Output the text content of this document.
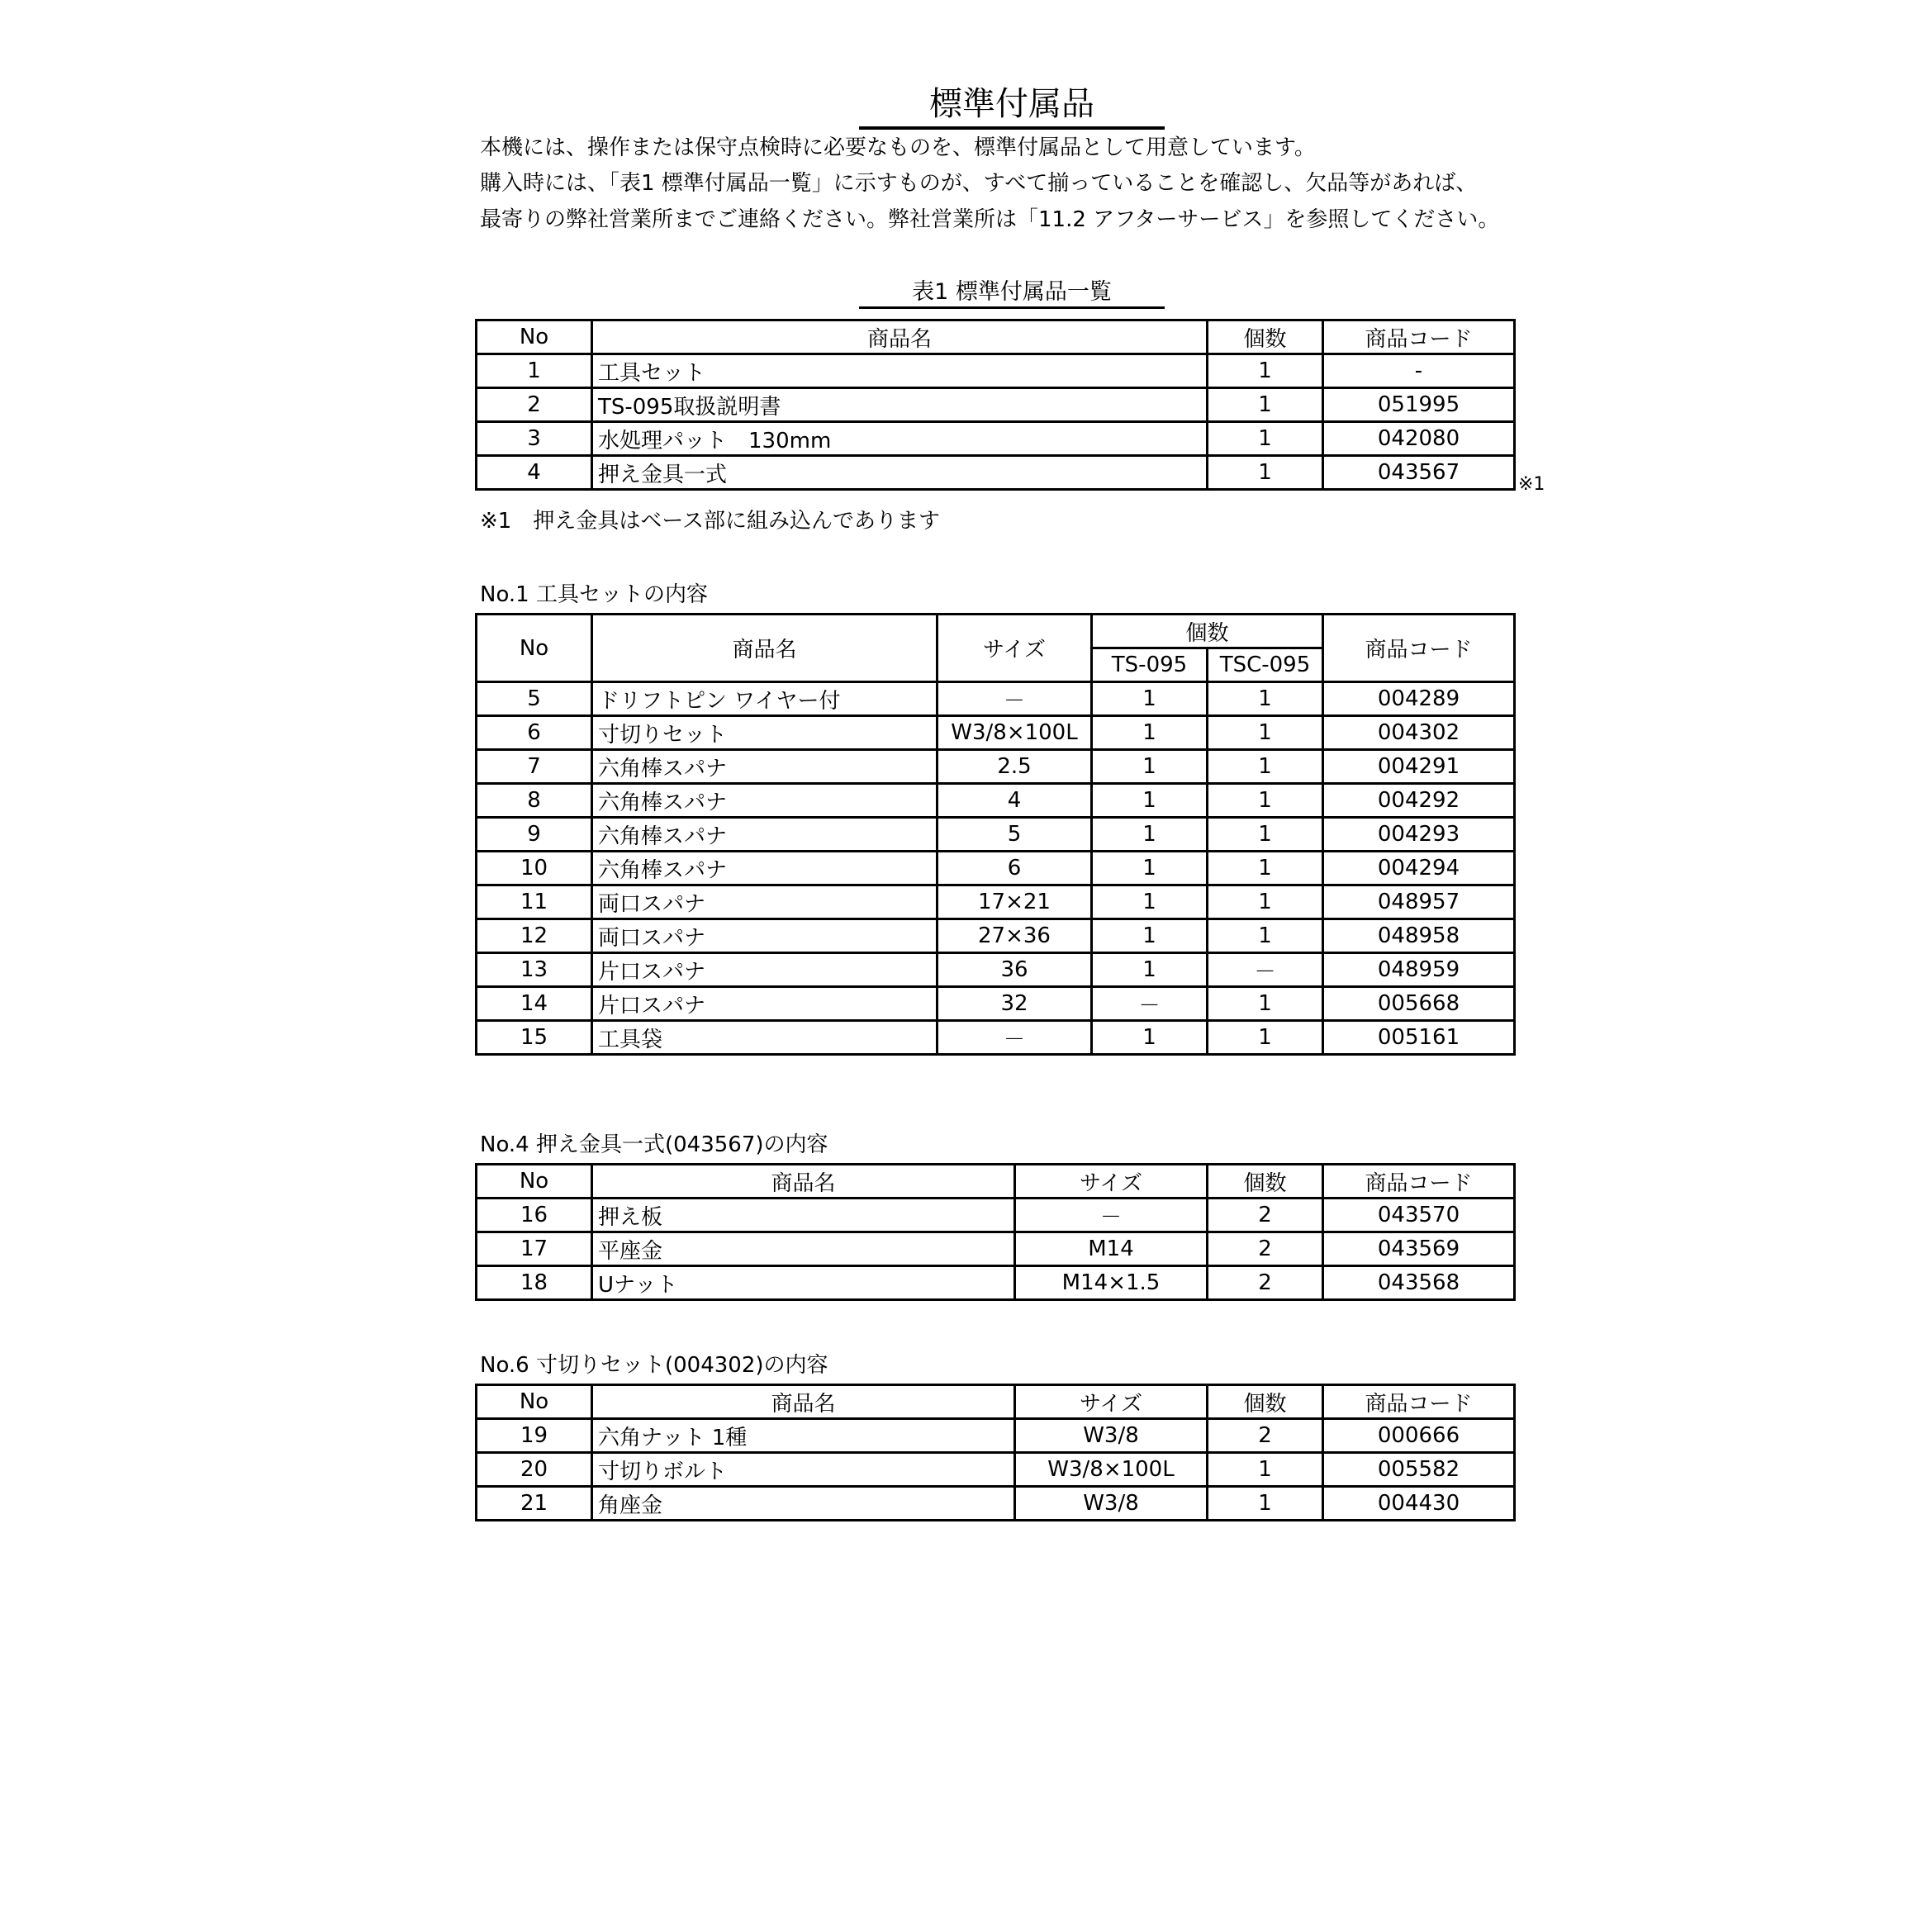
標準付属品
本機には、操作または保守点検時に必要なものを、標準付属品として用意しています。
購入時には、「表1 標準付属品一覧」に示すものが、すべて揃っていることを確認し、欠品等があれば、
最寄りの弊社営業所までご連絡ください。弊社営業所は「11.2 アフターサービス」を参照してください。
表1 標準付属品一覧
No	商品名	個数	商品コード
1	工具セット	1	-
2	TS-095取扱説明書	1	051995
3	水処理パット　130mm	1	042080
4	押え金具一式	1	043567	※1
※1　押え金具はベース部に組み込んであります
No.1 工具セットの内容
No	商品名	サイズ	個数		商品コード
			TS-095	TSC-095	
5	ドリフトピン ワイヤー付	－	1	1	004289
6	寸切りセット	W3/8×100L	1	1	004302
7	六角棒スパナ	2.5	1	1	004291
8	六角棒スパナ	4	1	1	004292
9	六角棒スパナ	5	1	1	004293
10	六角棒スパナ	6	1	1	004294
11	両口スパナ	17×21	1	1	048957
12	両口スパナ	27×36	1	1	048958
13	片口スパナ	36	1	－	048959
14	片口スパナ	32	－	1	005668
15	工具袋	－	1	1	005161
No.4 押え金具一式(043567)の内容
No	商品名	サイズ	個数	商品コード
16	押え板	－	2	043570
17	平座金	M14	2	043569
18	Uナット	M14×1.5	2	043568
No.6 寸切りセット(004302)の内容
No	商品名	サイズ	個数	商品コード
19	六角ナット 1種	W3/8	2	000666
20	寸切りボルト	W3/8×100L	1	005582
21	角座金	W3/8	1	004430
